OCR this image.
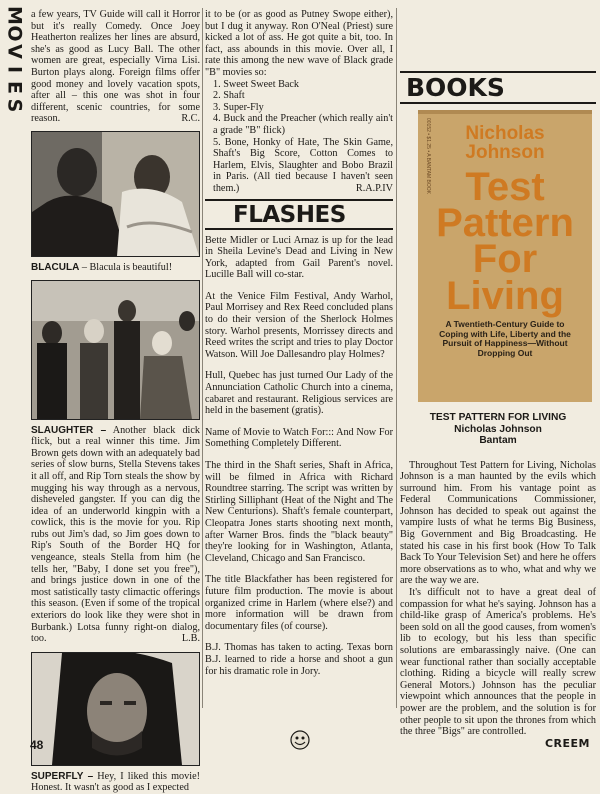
M
O
V
I
E
S

a few years, TV Guide will call it Horror but it's really Comedy. Once Joey Heatherton realizes her lines are absurd, she's as good as Lucy Ball. The other women are great, especially Virna Lisi. Burton plays along. Foreign films offer good money and lovely vacation spots, after all – this one was shot in four different, scenic countries, for some reason.	R.C.

BLACULA – Blacula is beautiful!

SLAUGHTER – Another black dick flick, but a real winner this time. Jim Brown gets down with an adequately bad series of slow burns, Stella Stevens takes it all off, and Rip Torn steals the show by mugging his way through as a nervous, disheveled gangster. If you can dig the idea of an underworld kingpin with a cowlick, this is the movie for you. Rip rubs out Jim's dad, so Jim goes down to Rip's South of the Border HQ for vengeance, steals Stella from him (he tells her, "Baby, I done set you free"), and brings justice down in one of the most satistically tasty climactic offerings this season. (Even if some of the tropical exteriors do look like they were shot in Burbank.) Lotsa funny right-on dialog, too.	L.B.

SUPERFLY – Hey, I liked this movie! Honest. It wasn't as good as I expected

it to be (or as good as Putney Swope either), but I dug it anyway. Ron O'Neal (Priest) sure kicked a lot of ass. He got quite a bit, too. In fact, ass abounds in this movie. Over all, I rate this among the new wave of Black grade "B" movies so:

1. Sweet Sweet Back

2. Shaft

3. Super-Fly

4. Buck and the Preacher (which really ain't a grade "B" flick)

5. Bone, Honky of Hate, The Skin Game, Shaft's Big Score, Cotton Comes to Harlem, Elvis, Slaughter and Bobo Brazil in Paris. (All tied because I haven't seen them.)	R.A.P.IV

FLASHES

Bette Midler or Luci Arnaz is up for the lead in Sheila Levine's Dead and Living in New York, adapted from Gail Parent's novel. Lucille Ball will co-star.

At the Venice Film Festival, Andy Warhol, Paul Morrisey and Rex Reed concluded plans to do their version of the Sherlock Holmes story. Warhol presents, Morrissey directs and Reed writes the script and tries to play Doctor Watson. Will Joe Dallesandro play Holmes?

Hull, Quebec has just turned Our Lady of the Annunciation Catholic Church into a cinema, cabaret and restaurant. Religious services are held in the basement (gratis).

Name of Movie to Watch For::: And Now For Something Completely Different.

The third in the Shaft series, Shaft in Africa, will be filmed in Africa with Richard Roundtree starring. The script was written by Stirling Silliphant (Heat of the Night and The New Centurions). Shaft's female counterpart, Cleopatra Jones starts shooting next month, after Warner Bros. finds the "black beauty" they're looking for in Washington, Atlanta, Cleveland, Chicago and San Francisco.

The title Blackfather has been registered for future film production. The movie is about organized crime in Harlem (where else?) and more information will be drawn from documentary files (of course).

B.J. Thomas has taken to acting. Texas born B.J. learned to ride a horse and shoot a gun for his dramatic role in Jory.

BOOKS
00152 • $1.25 • A BANTAM BOOK	Nicholas
Johnson
Test
Pattern
For
Living
A Twentieth-Century Guide to Coping with Life, Liberty and the Pursuit of Happiness—Without Dropping Out
TEST PATTERN FOR LIVING
Nicholas Johnson
Bantam

Throughout Test Pattern for Living, Nicholas Johnson is a man haunted by the evils which surround him. From his vantage point as Federal Communications Commissioner, Johnson has decided to speak out against the vampire lusts of what he terms Big Business, Big Government and Big Broadcasting. He stated his case in his first book (How To Talk Back To Your Television Set) and here he offers more observations as to who, what and why we are the way we are.

It's difficult not to have a great deal of compassion for what he's saying. Johnson has a child-like grasp of America's problems. He's been sold on all the good causes, from women's lib to ecology, but his less than specific solutions are embarassingly naive. (One can wear functional rather than socially acceptable clothing. Riding a bicycle will really screw General Motors.) Johnson has the peculiar viewpoint which announces that the people in power are the problem, and the solution is for other people to sit upon the thrones from which the three "Bigs" are controlled.

48	CREEM
